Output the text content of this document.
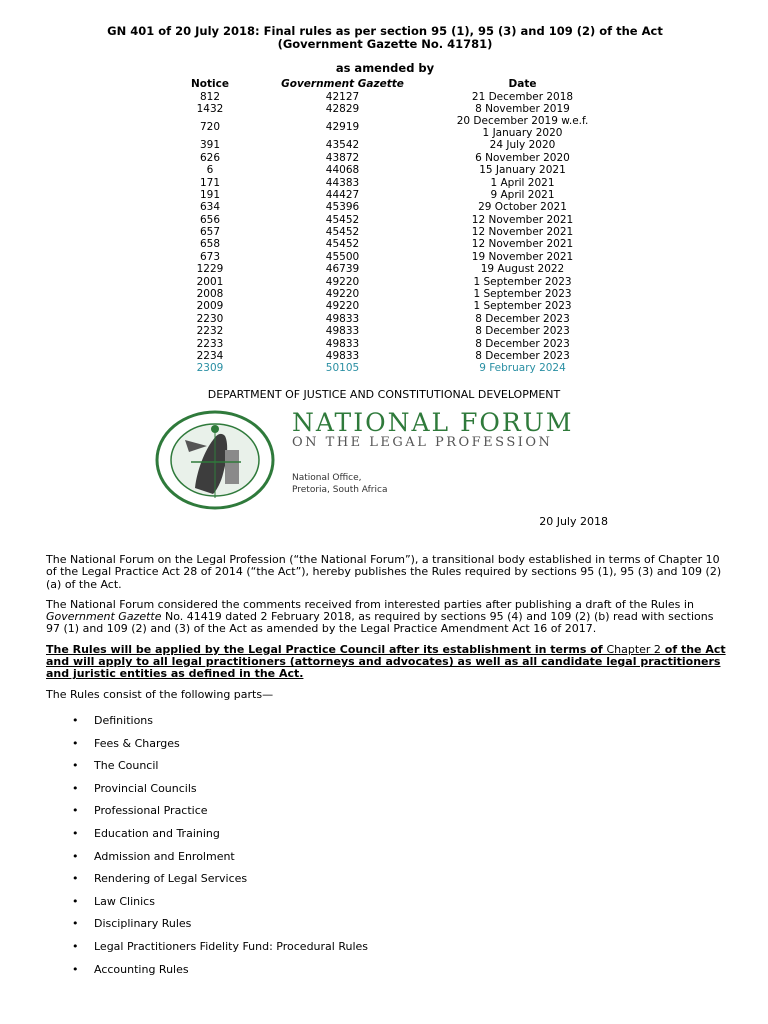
GN 401 of 20 July 2018: Final rules as per section 95 (1), 95 (3) and 109 (2) of the Act
(Government Gazette No. 41781)
as amended by
Notice	Government Gazette	Date
812	42127	21 December 2018

1432	42829	8 November 2019

720	42919	20 December 2019 w.e.f.
1 January 2020

391	43542	24 July 2020

626	43872	6 November 2020

6	44068	15 January 2021

171	44383	1 April 2021

191	44427	9 April 2021

634	45396	29 October 2021

656	45452	12 November 2021

657	45452	12 November 2021

658	45452	12 November 2021

673	45500	19 November 2021

1229	46739	19 August 2022

2001	49220	1 September 2023

2008	49220	1 September 2023

2009	49220	1 September 2023

2230	49833	8 December 2023

2232	49833	8 December 2023

2233	49833	8 December 2023

2234	49833	8 December 2023

2309	50105	9 February 2024
DEPARTMENT OF JUSTICE AND CONSTITUTIONAL DEVELOPMENT
NATIONAL FORUM
ON THE LEGAL PROFESSION
National Office,
Pretoria, South Africa
20 July 2018

The National Forum on the Legal Profession (“the National Forum”), a transitional body established in terms of Chapter 10 of the Legal Practice Act 28 of 2014 (“the Act”), hereby publishes the Rules required by sections 95 (1), 95 (3) and 109 (2) (a) of the Act.

The National Forum considered the comments received from interested parties after publishing a draft of the Rules in Government Gazette No. 41419 dated 2 February 2018, as required by sections 95 (4) and 109 (2) (b) read with sections 97 (1) and 109 (2) and (3) of the Act as amended by the Legal Practice Amendment Act 16 of 2017.

The Rules will be applied by the Legal Practice Council after its establishment in terms of Chapter 2 of the Act and will apply to all legal practitioners (attorneys and advocates) as well as all candidate legal practitioners and juristic entities as defined in the Act.

The Rules consist of the following parts—

• Definitions
• Fees & Charges
• The Council
• Provincial Councils
• Professional Practice
• Education and Training
• Admission and Enrolment
• Rendering of Legal Services
• Law Clinics
• Disciplinary Rules
• Legal Practitioners Fidelity Fund: Procedural Rules
• Accounting Rules
